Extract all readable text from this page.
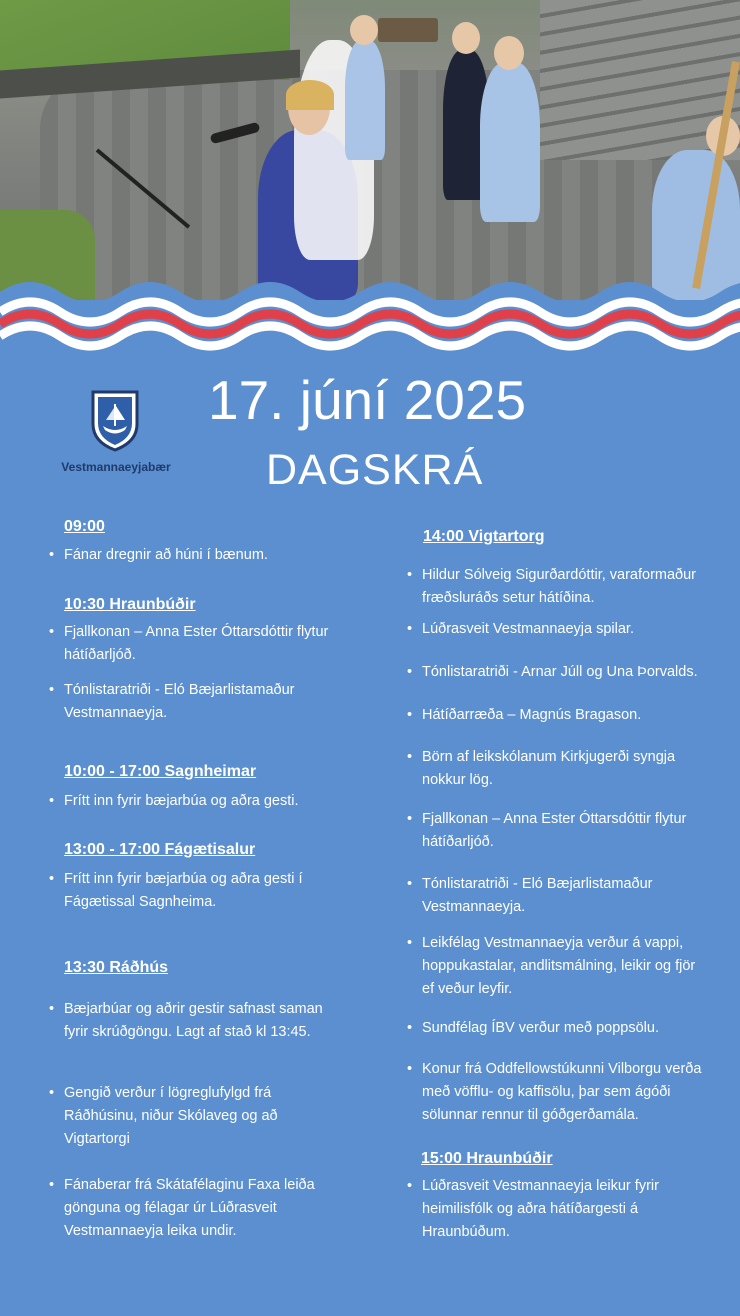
Vestmannaeyjabær
17. júní 2025
DAGSKRÁ
09:00
• Fánar dregnir að húni í bænum.
10:30 Hraunbúðir
• Fjallkonan – Anna Ester Óttarsdóttir flytur hátíðarljóð.
• Tónlistaratriði - Eló Bæjarlistamaður Vestmannaeyja.
10:00 - 17:00 Sagnheimar
• Frítt inn fyrir bæjarbúa og aðra gesti.
13:00 - 17:00 Fágætisalur
• Frítt inn fyrir bæjarbúa og aðra gesti í Fágætissal Sagnheima.
13:30 Ráðhús
• Bæjarbúar og aðrir gestir safnast saman fyrir skrúðgöngu. Lagt af stað kl 13:45.
• Gengið verður í lögreglufylgd frá Ráðhúsinu, niður Skólaveg og að Vigtartorgi
• Fánaberar frá Skátafélaginu Faxa leiða gönguna og félagar úr Lúðrasveit Vestmannaeyja leika undir.
14:00 Vigtartorg
• Hildur Sólveig Sigurðardóttir, varaformaður fræðsluráðs setur hátíðina.
• Lúðrasveit Vestmannaeyja spilar.
• Tónlistaratriði - Arnar Júll og Una Þorvalds.
• Hátíðarræða – Magnús Bragason.
• Börn af leikskólanum Kirkjugerði syngja nokkur lög.
• Fjallkonan – Anna Ester Óttarsdóttir flytur hátíðarljóð.
• Tónlistaratriði - Eló Bæjarlistamaður Vestmannaeyja.
• Leikfélag Vestmannaeyja verður á vappi, hoppukastalar, andlitsmálning, leikir og fjör ef veður leyfir.
• Sundfélag ÍBV verður með poppsölu.
• Konur frá Oddfellowstúkunni Vilborgu verða með vöfflu- og kaffisölu, þar sem ágóði sölunnar rennur til góðgerðamála.
15:00 Hraunbúðir
• Lúðrasveit Vestmannaeyja leikur fyrir heimilisfólk og aðra hátíðargesti á Hraunbúðum.
